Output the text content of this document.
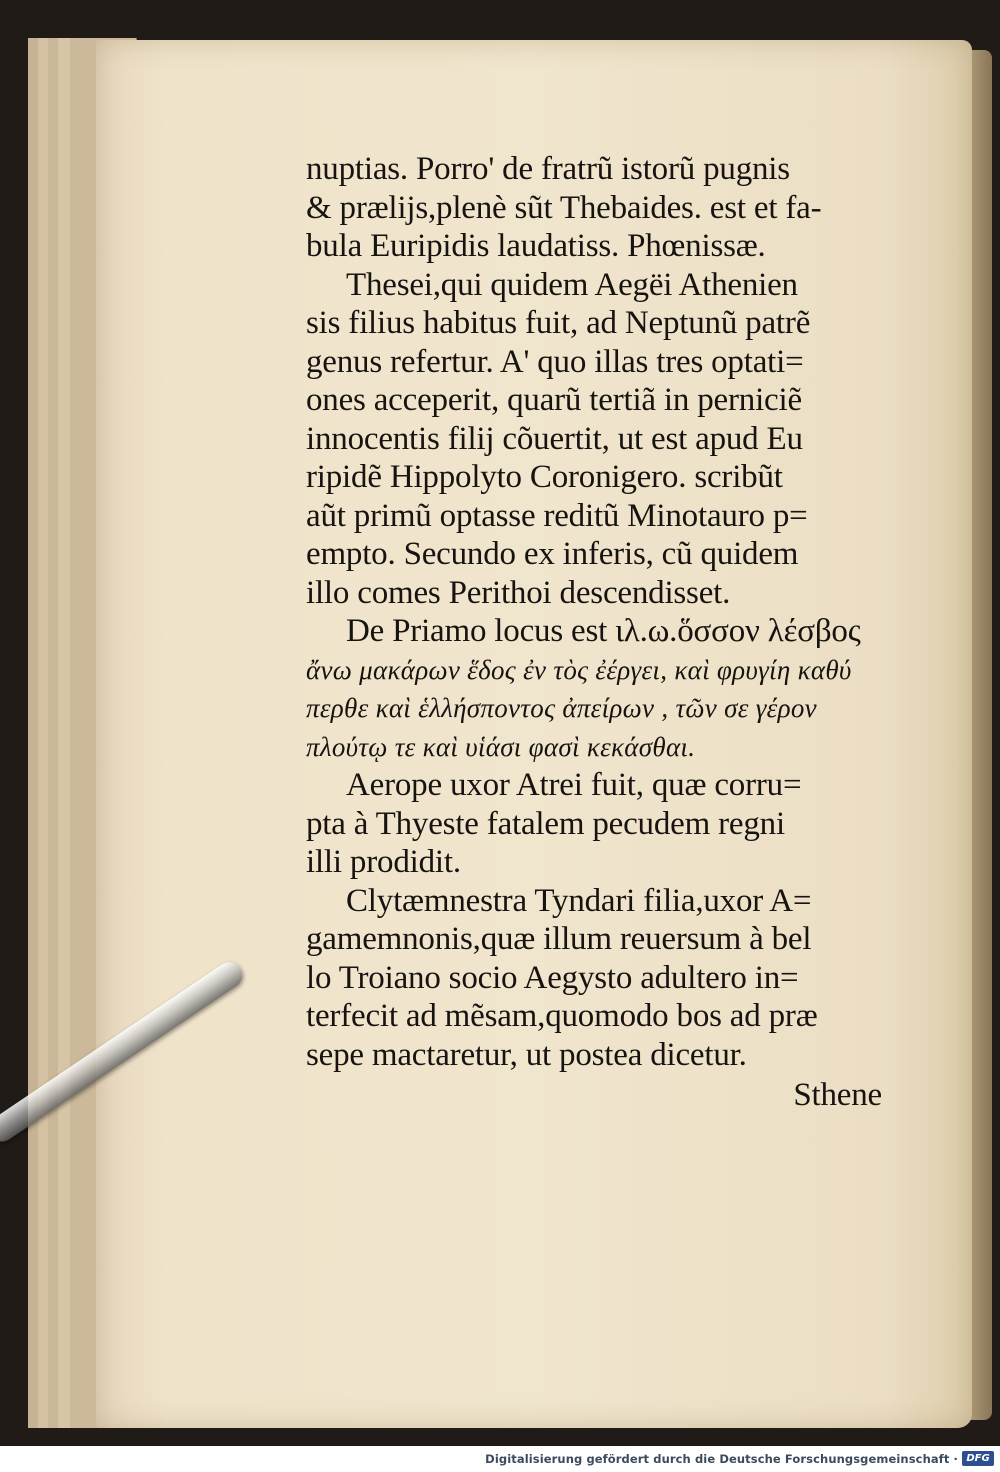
nuptias. Porro' de fratrũ istorũ pugnis
& prælijs,plenè sũt Thebaides. est et fa-
bula Euripidis laudatiss. Phœnissæ.
Thesei,qui quidem Aegëi Athenien
sis filius habitus fuit, ad Neptunũ patrẽ
genus refertur. A' quo illas tres optati=
ones acceperit, quarũ tertiã in perniciẽ
innocentis filij cõuertit, ut est apud Eu
ripidẽ Hippolyto Coronigero. scribũt
aũt primũ optasse reditũ Minotauro p=
empto. Secundo ex inferis, cũ quidem
illo comes Perithoi descendisset.
De Priamo locus est ιλ.ω.ὅσσον λέσβος
ἄνω μακάρων ἕδος ἐν τὸς ἐέργει, καὶ φρυγίη καθύ
περθε καὶ ἑλλήσποντος ἀπείρων , τῶν σε γέρον
πλούτῳ τε καὶ υἱάσι φασὶ κεκάσθαι.
Aerope uxor Atrei fuit, quæ corru=
pta à Thyeste fatalem pecudem regni
illi prodidit.
Clytæmnestra Tyndari filia,uxor A=
gamemnonis,quæ illum reuersum à bel
lo Troiano socio Aegysto adultero in=
terfecit ad mẽsam,quomodo bos ad præ
sepe mactaretur, ut postea dicetur.
Sthene
Digitalisierung gefördert durch die Deutsche Forschungsgemeinschaft · DFG
